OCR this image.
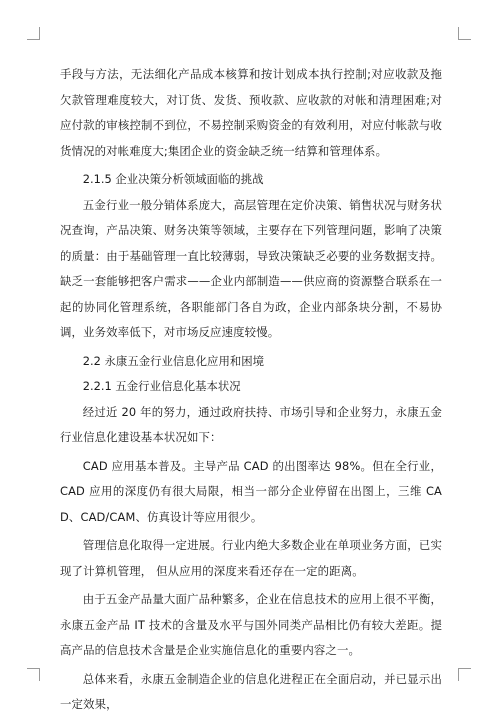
手段与方法，无法细化产品成本核算和按计划成本执行控制;对应收款及拖欠款管理难度较大，对订货、发货、预收款、应收款的对帐和清理困难;对应付款的审核控制不到位，不易控制采购资金的有效利用，对应付帐款与收货情况的对帐难度大;集团企业的资金缺乏统一结算和管理体系。

2.1.5 企业决策分析领域面临的挑战

五金行业一般分销体系庞大，高层管理在定价决策、销售状况与财务状况查询，产品决策、财务决策等领域，主要存在下列管理问题，影响了决策的质量：由于基础管理一直比较薄弱，导致决策缺乏必要的业务数据支持。缺乏一套能够把客户需求——企业内部制造——供应商的资源整合联系在一起的协同化管理系统，各职能部门各自为政，企业内部条块分割，不易协调，业务效率低下，对市场反应速度较慢。

2.2 永康五金行业信息化应用和困境

2.2.1 五金行业信息化基本状况

经过近 20 年的努力，通过政府扶持、市场引导和企业努力，永康五金行业信息化建设基本状况如下：

CAD 应用基本普及。主导产品 CAD 的出图率达 98%。但在全行业，CAD 应用的深度仍有很大局限，相当一部分企业停留在出图上，三维 CAD、CAD/CAM、仿真设计等应用很少。

管理信息化取得一定进展。行业内绝大多数企业在单项业务方面，已实现了计算机管理， 但从应用的深度来看还存在一定的距离。

由于五金产品量大面广品种繁多，企业在信息技术的应用上很不平衡，永康五金产品 IT 技术的含量及水平与国外同类产品相比仍有较大差距。提高产品的信息技术含量是企业实施信息化的重要内容之一。

总体来看，永康五金制造企业的信息化进程正在全面启动，并已显示出一定效果，
